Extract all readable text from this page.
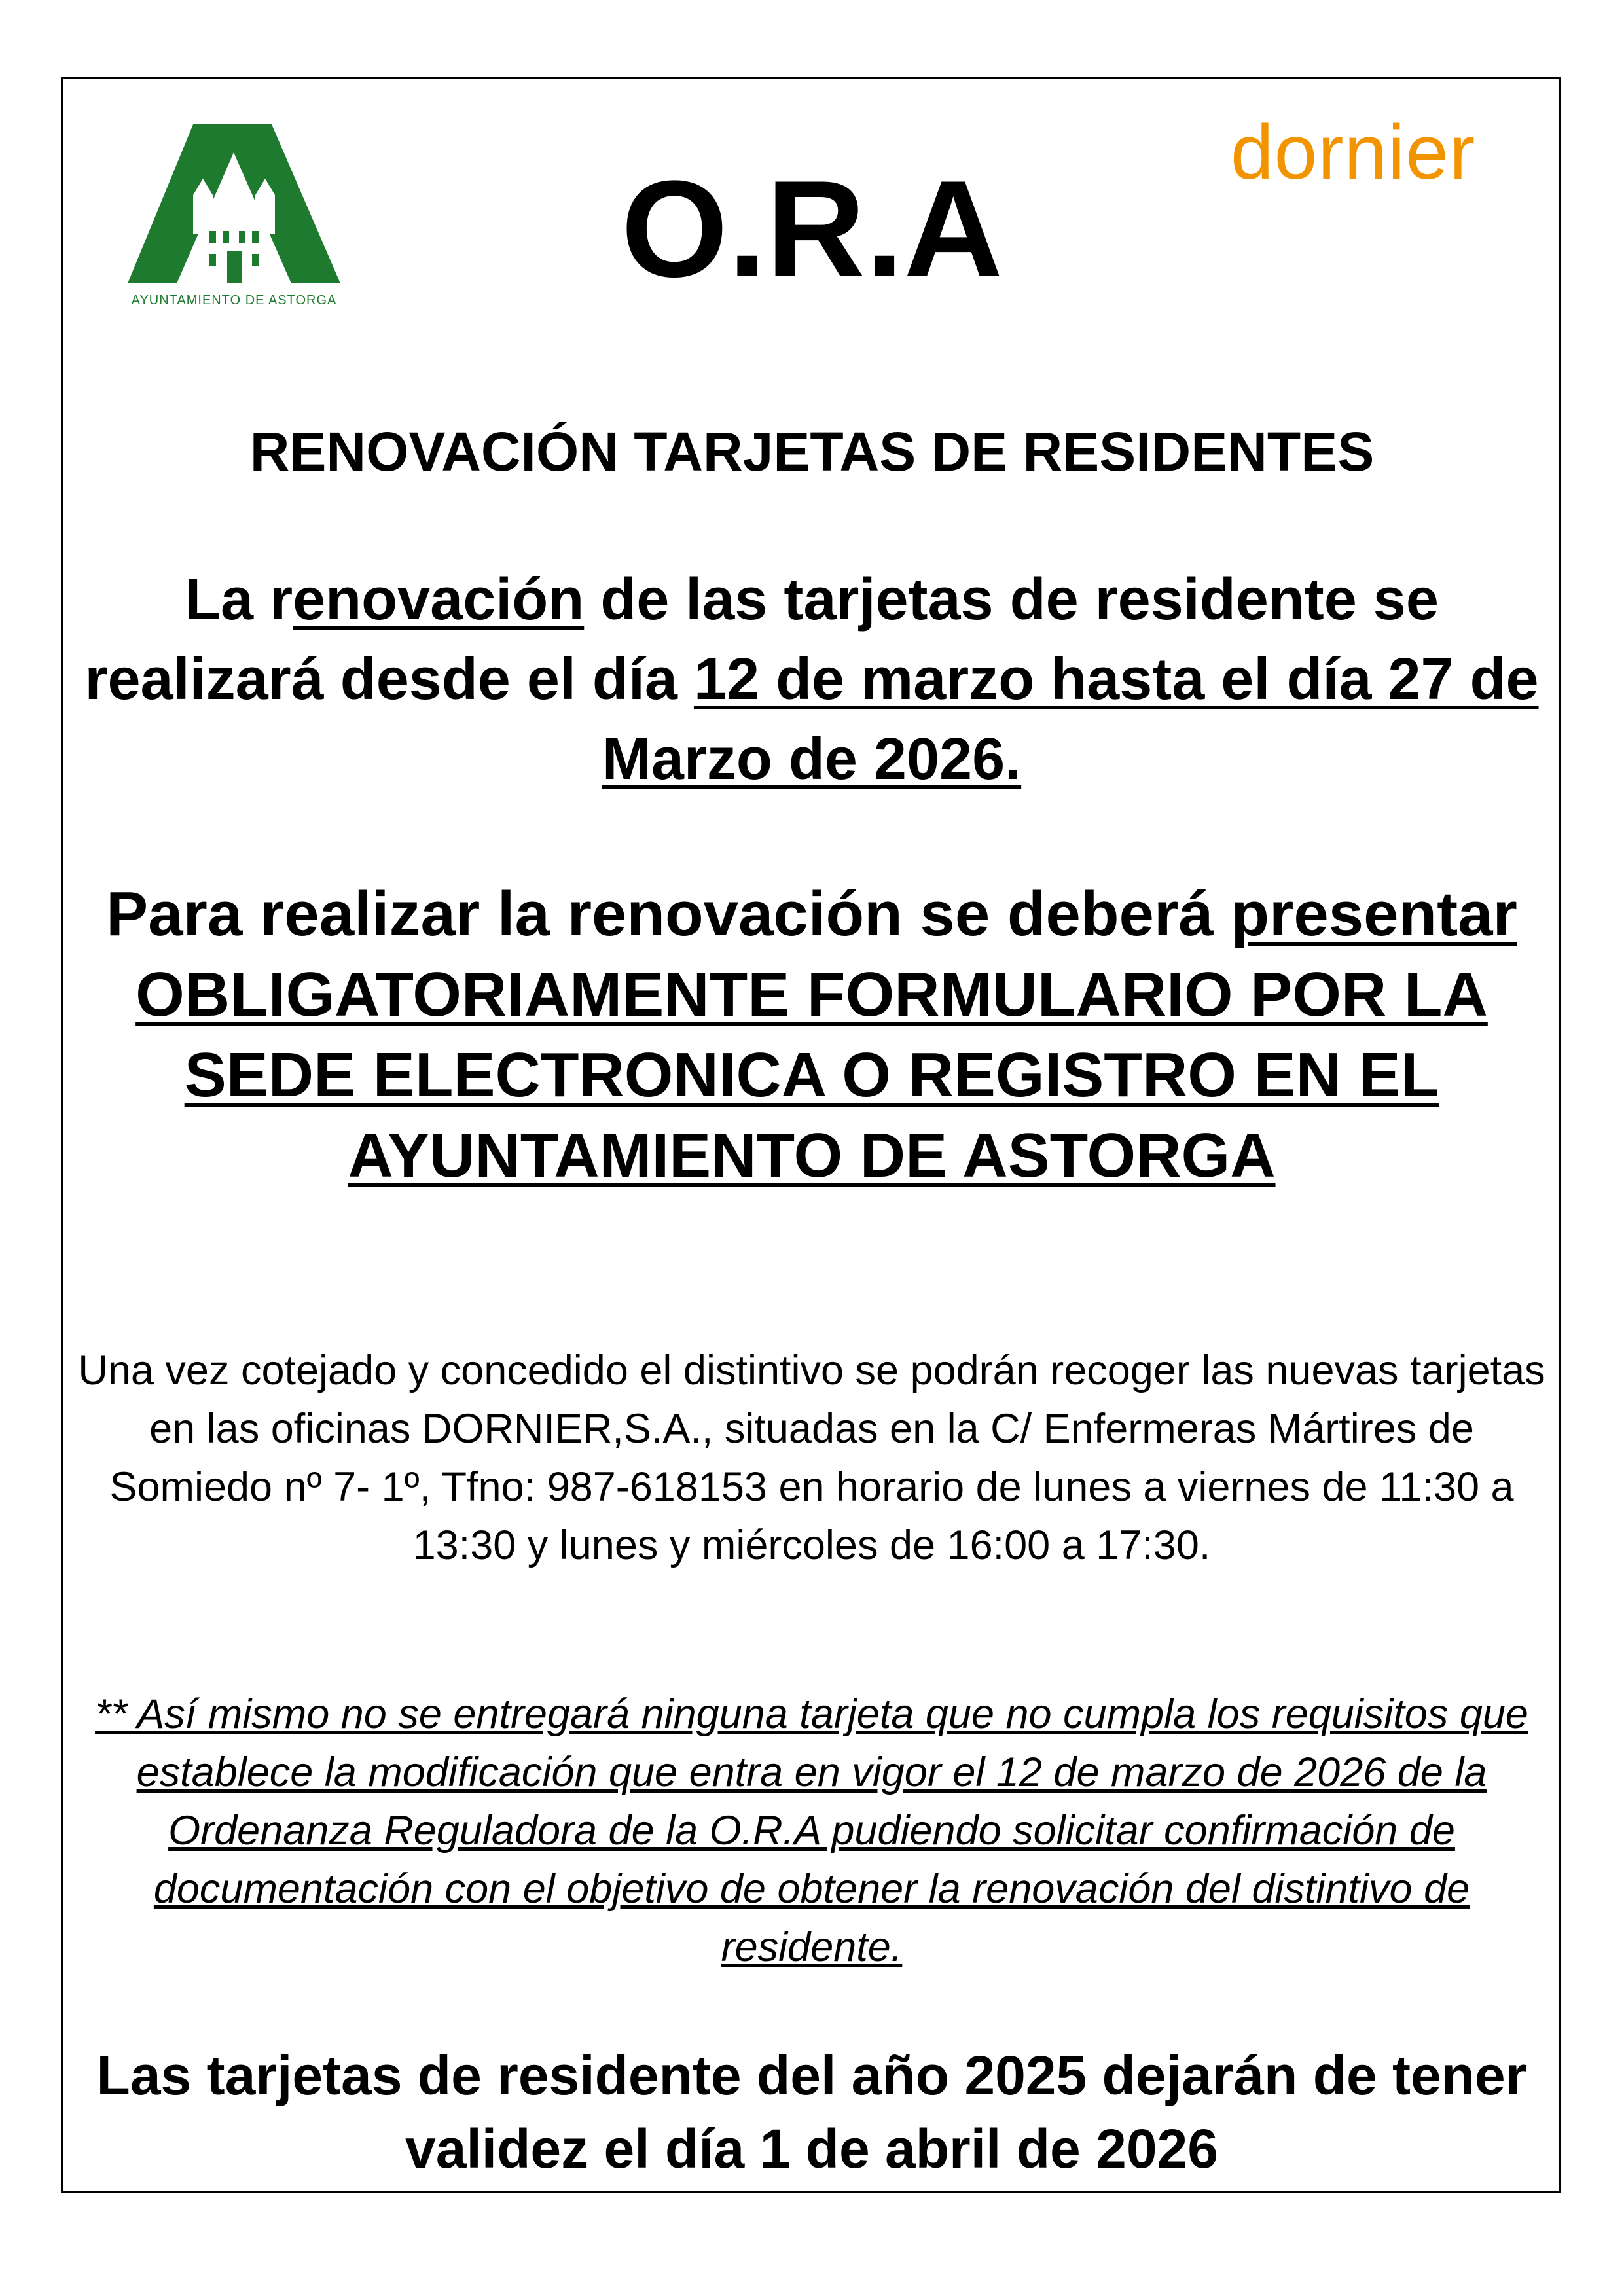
AYUNTAMIENTO DE ASTORGA
dornier
O.R.A
RENOVACIÓN TARJETAS DE RESIDENTES

La renovación de las tarjetas de residente se realizará desde el día 12 de marzo hasta el día 27 de Marzo de 2026.

Para realizar la renovación se deberá presentar OBLIGATORIAMENTE FORMULARIO POR LA SEDE ELECTRONICA O REGISTRO EN EL AYUNTAMIENTO DE ASTORGA

Una vez cotejado y concedido el distintivo se podrán recoger las nuevas tarjetas en las oficinas DORNIER,S.A., situadas en la C/ Enfermeras Mártires de Somiedo nº 7- 1º, Tfno: 987-618153 en horario de lunes a viernes de 11:30 a 13:30 y lunes y miércoles de 16:00 a 17:30.
** Así mismo no se entregará ninguna tarjeta que no cumpla los requisitos que establece la modificación que entra en vigor el 12 de marzo de 2026 de la Ordenanza Reguladora de la O.R.A pudiendo solicitar confirmación de documentación con el objetivo de obtener la renovación del distintivo de residente.
Las tarjetas de residente del año 2025 dejarán de tener validez el día 1 de abril de 2026
